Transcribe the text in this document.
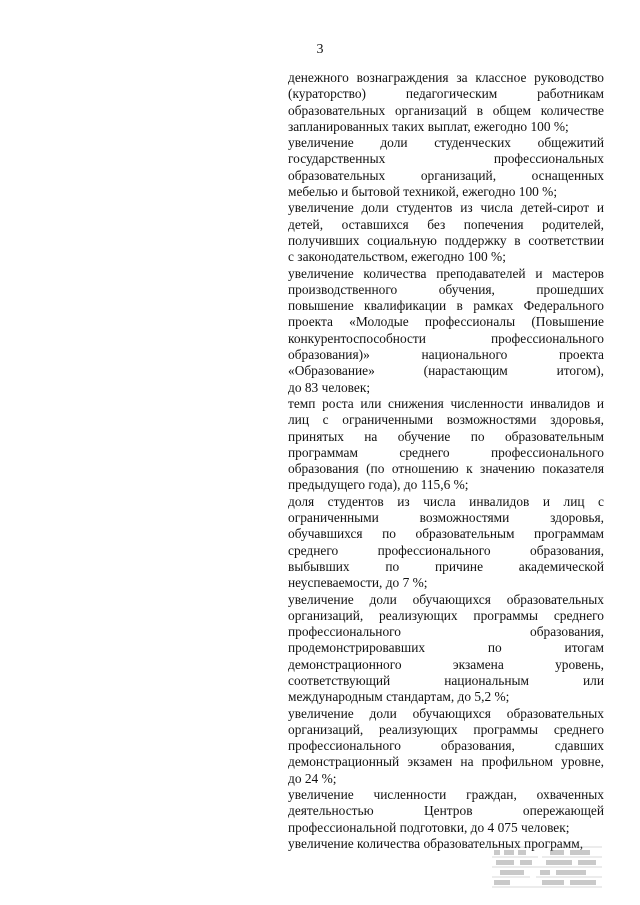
3
денежного вознаграждения за классное руководство
(кураторство) педагогическим работникам
образовательных организаций в общем количестве
запланированных таких выплат, ежегодно 100 %;
увеличение доли студенческих общежитий
государственных профессиональных
образовательных организаций, оснащенных
мебелью и бытовой техникой, ежегодно 100 %;
увеличение доли студентов из числа детей-сирот и
детей, оставшихся без попечения родителей,
получивших социальную поддержку в соответствии
с законодательством, ежегодно 100 %;
увеличение количества преподавателей и мастеров
производственного обучения, прошедших
повышение квалификации в рамках Федерального
проекта «Молодые профессионалы (Повышение
конкурентоспособности профессионального
образования)» национального проекта
«Образование» (нарастающим итогом),
до 83 человек;
темп роста или снижения численности инвалидов и
лиц с ограниченными возможностями здоровья,
принятых на обучение по образовательным
программам среднего профессионального
образования (по отношению к значению показателя
предыдущего года), до 115,6 %;
доля студентов из числа инвалидов и лиц с
ограниченными возможностями здоровья,
обучавшихся по образовательным программам
среднего профессионального образования,
выбывших по причине академической
неуспеваемости, до 7 %;
увеличение доли обучающихся образовательных
организаций, реализующих программы среднего
профессионального образования,
продемонстрировавших по итогам
демонстрационного экзамена уровень,
соответствующий национальным или
международным стандартам, до 5,2 %;
увеличение доли обучающихся образовательных
организаций, реализующих программы среднего
профессионального образования, сдавших
демонстрационный экзамен на профильном уровне,
до 24 %;
увеличение численности граждан, охваченных
деятельностью Центров опережающей
профессиональной подготовки, до 4 075 человек;
увеличение количества образовательных программ,
